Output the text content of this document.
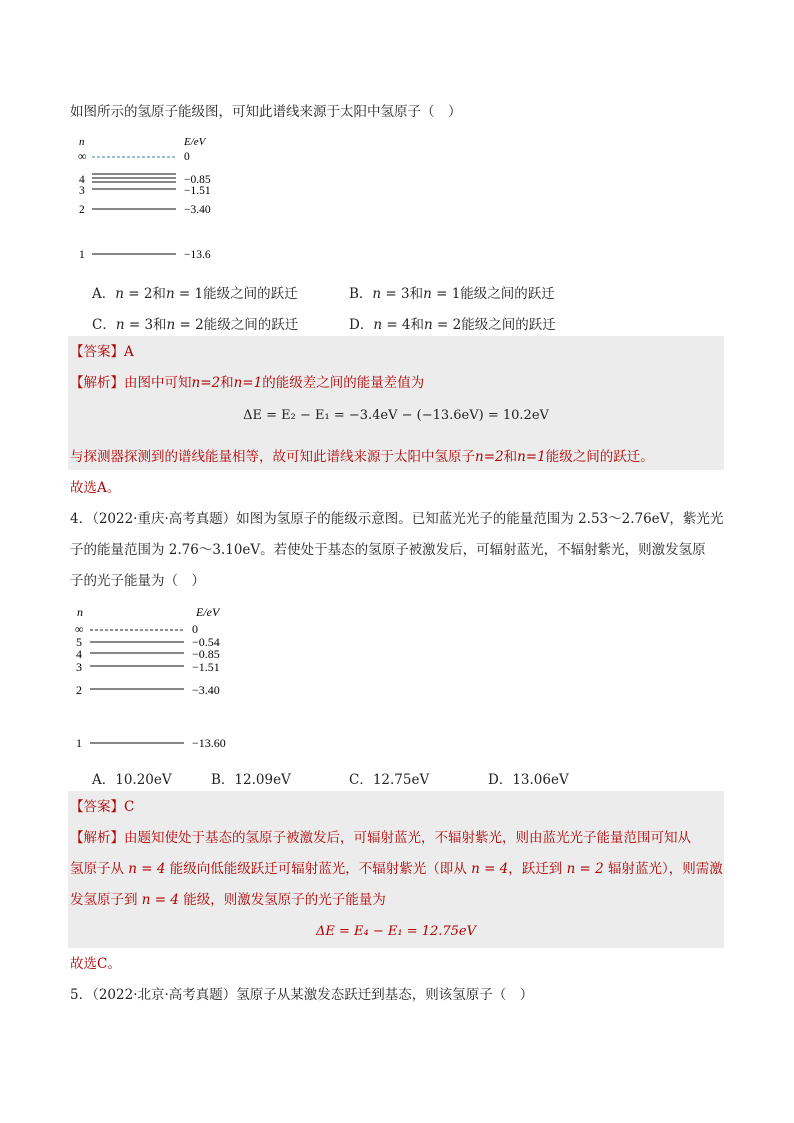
如图所示的氢原子能级图，可知此谱线来源于太阳中氢原子（　）
n	E/eV
∞	0
4	−0.85
3	−1.51
2	−3.40
1	−13.6
A．n = 2和n = 1能级之间的跃迁	B．n = 3和n = 1能级之间的跃迁
C．n = 3和n = 2能级之间的跃迁	D．n = 4和n = 2能级之间的跃迁
【答案】A
【解析】由图中可知n=2和n=1的能级差之间的能量差值为
ΔE = E₂ − E₁ = −3.4eV − (−13.6eV) = 10.2eV
与探测器探测到的谱线能量相等，故可知此谱线来源于太阳中氢原子n=2和n=1能级之间的跃迁。
故选A。
4．（2022·重庆·高考真题）如图为氢原子的能级示意图。已知蓝光光子的能量范围为 2.53～2.76eV，紫光光
子的能量范围为 2.76～3.10eV。若使处于基态的氢原子被激发后，可辐射蓝光，不辐射紫光，则激发氢原
子的光子能量为（　）
n	E/eV
∞	0
5	−0.54
4	−0.85
3	−1.51
2	−3.40
1	−13.60
A．10.20eV	B．12.09eV	C．12.75eV	D．13.06eV
【答案】C
【解析】由题知使处于基态的氢原子被激发后，可辐射蓝光，不辐射紫光，则由蓝光光子能量范围可知从
氢原子从 n = 4 能级向低能级跃迁可辐射蓝光，不辐射紫光（即从 n = 4，跃迁到 n = 2 辐射蓝光），则需激
发氢原子到 n = 4 能级，则激发氢原子的光子能量为
ΔE = E₄ − E₁ = 12.75eV
故选C。
5．（2022·北京·高考真题）氢原子从某激发态跃迁到基态，则该氢原子（　）
